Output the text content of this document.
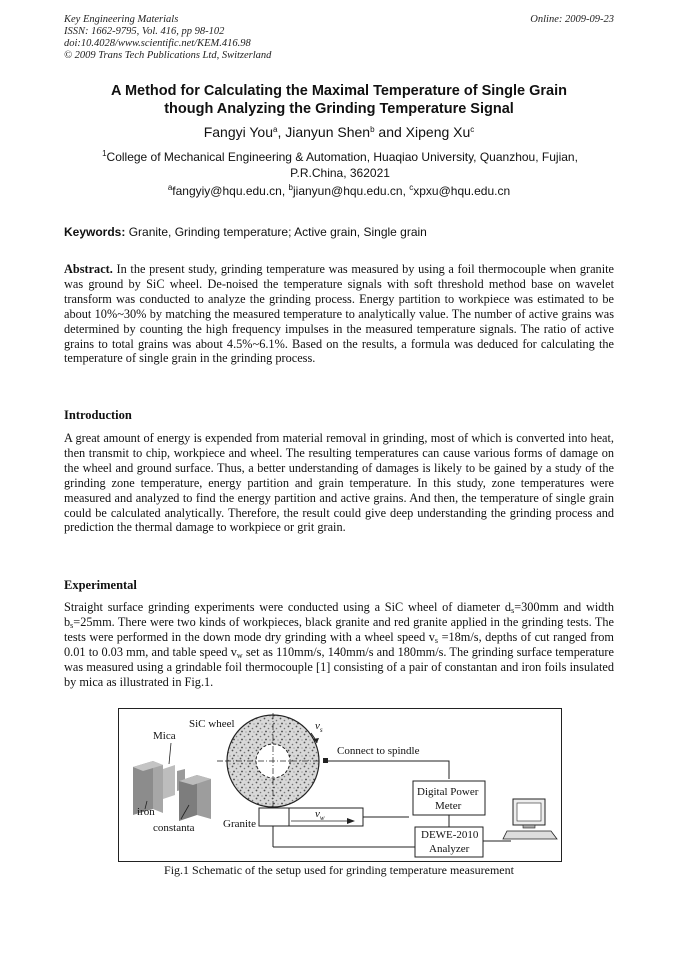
Key Engineering Materials
ISSN: 1662-9795, Vol. 416, pp 98-102
doi:10.4028/www.scientific.net/KEM.416.98
© 2009 Trans Tech Publications Ltd, Switzerland
Online: 2009-09-23
A Method for Calculating the Maximal Temperature of Single Grain
though Analyzing the Grinding Temperature Signal
Fangyi You$^a$, Jianyun Shen$^b$ and Xipeng Xu$^c$
$^1$College of Mechanical Engineering & Automation, Huaqiao University, Quanzhou, Fujian,
P.R.China, 362021
$^a$fangyiy@hqu.edu.cn, $^b$jianyun@hqu.edu.cn, $^c$xpxu@hqu.edu.cn
Keywords: Granite, Grinding temperature; Active grain, Single grain
Abstract. In the present study, grinding temperature was measured by using a foil thermocouple when granite was ground by SiC wheel. De-noised the temperature signals with soft threshold method base on wavelet transform was conducted to analyze the grinding process. Energy partition to workpiece was estimated to be about 10%~30% by matching the measured temperature to analytically value. The number of active grains was determined by counting the high frequency impulses in the measured temperature signals. The ratio of active grains to total grains was about 4.5%~6.1%. Based on the results, a formula was deduced for calculating the temperature of single grain in the grinding process.
Introduction
A great amount of energy is expended from material removal in grinding, most of which is converted into heat, then transmit to chip, workpiece and wheel. The resulting temperatures can cause various forms of damage on the wheel and ground surface. Thus, a better understanding of damages is likely to be gained by a study of the grinding zone temperature, energy partition and grain temperature. In this study, zone temperatures were measured and analyzed to find the energy partition and active grains. And then, the temperature of single grain could be calculated analytically. Therefore, the result could give deep understanding the grinding process and prediction the thermal damage to workpiece or grit grain.
Experimental
Straight surface grinding experiments were conducted using a SiC wheel of diameter $d_s=300mm$ and width $b_s=25mm$. There were two kinds of workpieces, black granite and red granite applied in the grinding tests. The tests were performed in the down mode dry grinding with a wheel speed $v_s =18m/s$, depths of cut ranged from 0.01 to 0.03 mm, and table speed $v_w$ set as 110mm/s, 140mm/s and 180mm/s. The grinding surface temperature was measured using a grindable foil thermocouple [1] consisting of a pair of constantan and iron foils insulated by mica as illustrated in Fig.1.
SiC wheel
Mica
$v_s$
Connect to spindle
Digital Power
Meter
iron
constanta	Granite
$v_w$
DEWE-2010
Analyzer
Fig.1 Schematic of the setup used for grinding temperature measurement
